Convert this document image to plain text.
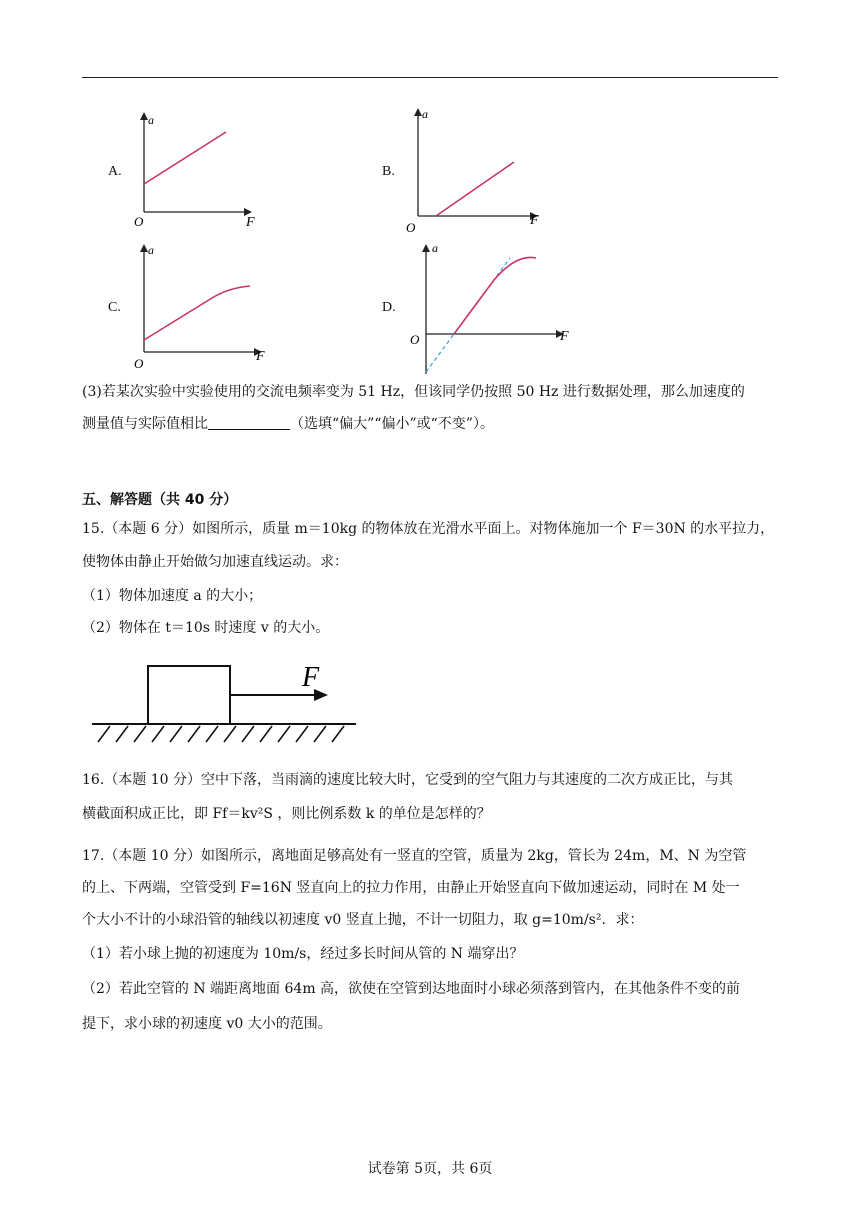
A.	B.
C.	D.
a
F
O
a
F
O
a
F
O
a
F
O
(3)若某次实验中实验使用的交流电频率变为 51 Hz，但该同学仍按照 50 Hz 进行数据处理，那么加速度的
测量值与实际值相比	（选填“偏大”“偏小”或“不变”）。
五、解答题（共 40 分）
15.（本题 6 分）如图所示，质量 m＝10kg 的物体放在光滑水平面上。对物体施加一个 F＝30N 的水平拉力，
使物体由静止开始做匀加速直线运动。求：
（1）物体加速度 a 的大小；
（2）物体在 t＝10s 时速度 v 的大小。
F
16.（本题 10 分）空中下落，当雨滴的速度比较大时，它受到的空气阻力与其速度的二次方成正比，与其
横截面积成正比，即 Ff＝kv²S ，则比例系数 k 的单位是怎样的？
17.（本题 10 分）如图所示，离地面足够高处有一竖直的空管，质量为 2kg，管长为 24m，M、N 为空管
的上、下两端，空管受到 F=16N 竖直向上的拉力作用，由静止开始竖直向下做加速运动，同时在 M 处一
个大小不计的小球沿管的轴线以初速度 v0 竖直上抛，不计一切阻力，取 g=10m/s²．求：
（1）若小球上抛的初速度为 10m/s，经过多长时间从管的 N 端穿出？
（2）若此空管的 N 端距离地面 64m 高，欲使在空管到达地面时小球必须落到管内，在其他条件不变的前
提下，求小球的初速度 v0 大小的范围。
试卷第 5页，共 6页
